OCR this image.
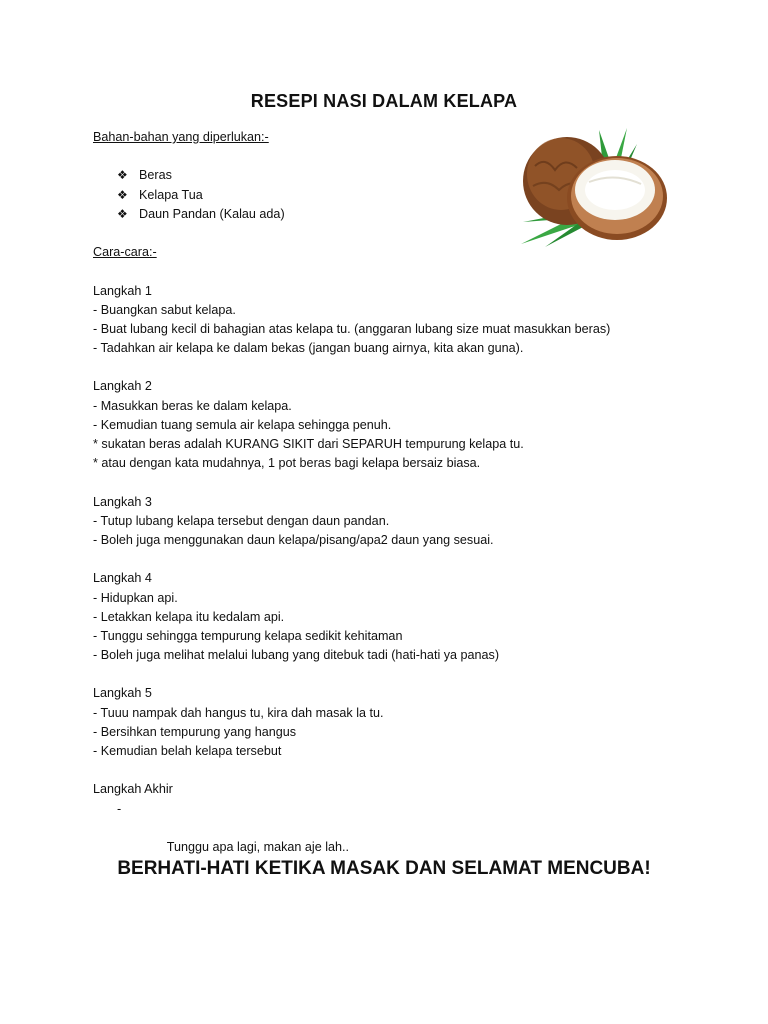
RESEPI NASI DALAM KELAPA
Bahan-bahan yang diperlukan:-
❖ Beras
❖ Kelapa Tua
❖ Daun Pandan (Kalau ada)
Cara-cara:-
Langkah 1
- Buangkan sabut kelapa.
- Buat lubang kecil di bahagian atas kelapa tu. (anggaran lubang size muat masukkan beras)
- Tadahkan air kelapa ke dalam bekas (jangan buang airnya, kita akan guna).
Langkah 2
- Masukkan beras ke dalam kelapa.
- Kemudian tuang semula air kelapa sehingga penuh.
* sukatan beras adalah KURANG SIKIT dari SEPARUH tempurung kelapa tu.
* atau dengan kata mudahnya, 1 pot beras bagi kelapa bersaiz biasa.
Langkah 3
- Tutup lubang kelapa tersebut dengan daun pandan.
- Boleh juga menggunakan daun kelapa/pisang/apa2 daun yang sesuai.
Langkah 4
- Hidupkan api.
- Letakkan kelapa itu kedalam api.
- Tunggu sehingga tempurung kelapa sedikit kehitaman
- Boleh juga melihat melalui lubang yang ditebuk tadi (hati-hati ya panas)
Langkah 5
- Tuuu nampak dah hangus tu, kira dah masak la tu.
- Bersihkan tempurung yang hangus
- Kemudian belah kelapa tersebut
Langkah Akhir

-

Tunggu apa lagi, makan aje lah..

BERHATI-HATI KETIKA MASAK DAN SELAMAT MENCUBA!
